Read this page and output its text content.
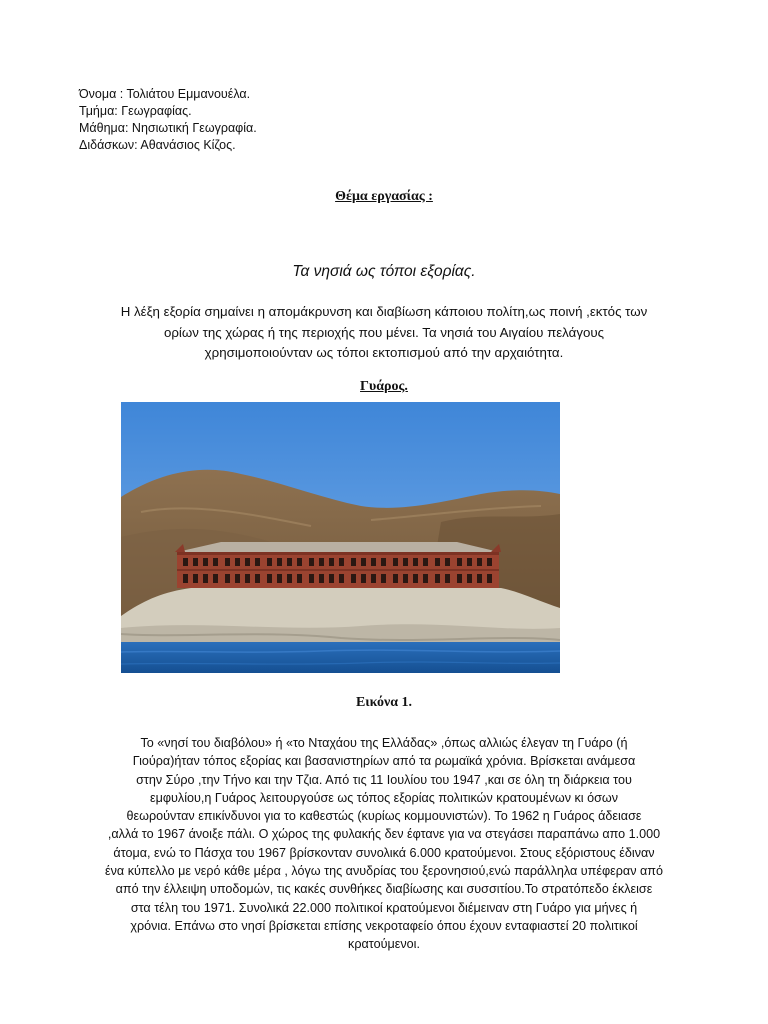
Όνομα : Τολιάτου Εμμανουέλα.
Τμήμα: Γεωγραφίας.
Μάθημα: Νησιωτική Γεωγραφία.
Διδάσκων: Αθανάσιος Κίζος.
Θέμα εργασίας :
Τα νησιά ως τόποι εξορίας.
Η λέξη εξορία σημαίνει η απομάκρυνση και διαβίωση κάποιου πολίτη,ως ποινή ,εκτός των
ορίων της χώρας ή της περιοχής που μένει. Τα νησιά του Αιγαίου πελάγους
χρησιμοποιούνταν ως τόποι εκτοπισμού από την αρχαιότητα.
Γυάρος.
Εικόνα 1.
Το «νησί του διαβόλου» ή «το Νταχάου της Ελλάδας» ,όπως αλλιώς έλεγαν τη Γυάρο (ή
Γιούρα)ήταν τόπος εξορίας και βασανιστηρίων από τα ρωμαϊκά χρόνια. Βρίσκεται ανάμεσα
στην Σύρο ,την Τήνο και την Τζια. Από τις 11 Ιουλίου του 1947 ,και σε όλη τη διάρκεια του
εμφυλίου,η Γυάρος λειτουργούσε ως τόπος εξορίας πολιτικών κρατουμένων κι όσων
θεωρούνταν επικίνδυνοι για το καθεστώς (κυρίως κομμουνιστών). Το 1962 η Γυάρος άδειασε
,αλλά το 1967 άνοιξε πάλι. Ο χώρος της φυλακής δεν έφτανε για να στεγάσει παραπάνω απο 1.000
άτομα, ενώ το Πάσχα του 1967 βρίσκονταν συνολικά 6.000 κρατούμενοι. Στους εξόριστους έδιναν
ένα κύπελλο με νερό κάθε μέρα , λόγω της ανυδρίας του ξερονησιού,ενώ παράλληλα υπέφεραν από
από την έλλειψη υποδομών, τις κακές συνθήκες διαβίωσης και συσσιτίου.Το στρατόπεδο έκλεισε
στα τέλη του 1971. Συνολικά 22.000 πολιτικοί κρατούμενοι διέμειναν στη Γυάρο για μήνες ή
χρόνια. Επάνω στο νησί βρίσκεται επίσης νεκροταφείο όπου έχουν ενταφιαστεί 20 πολιτικοί
κρατούμενοι.
